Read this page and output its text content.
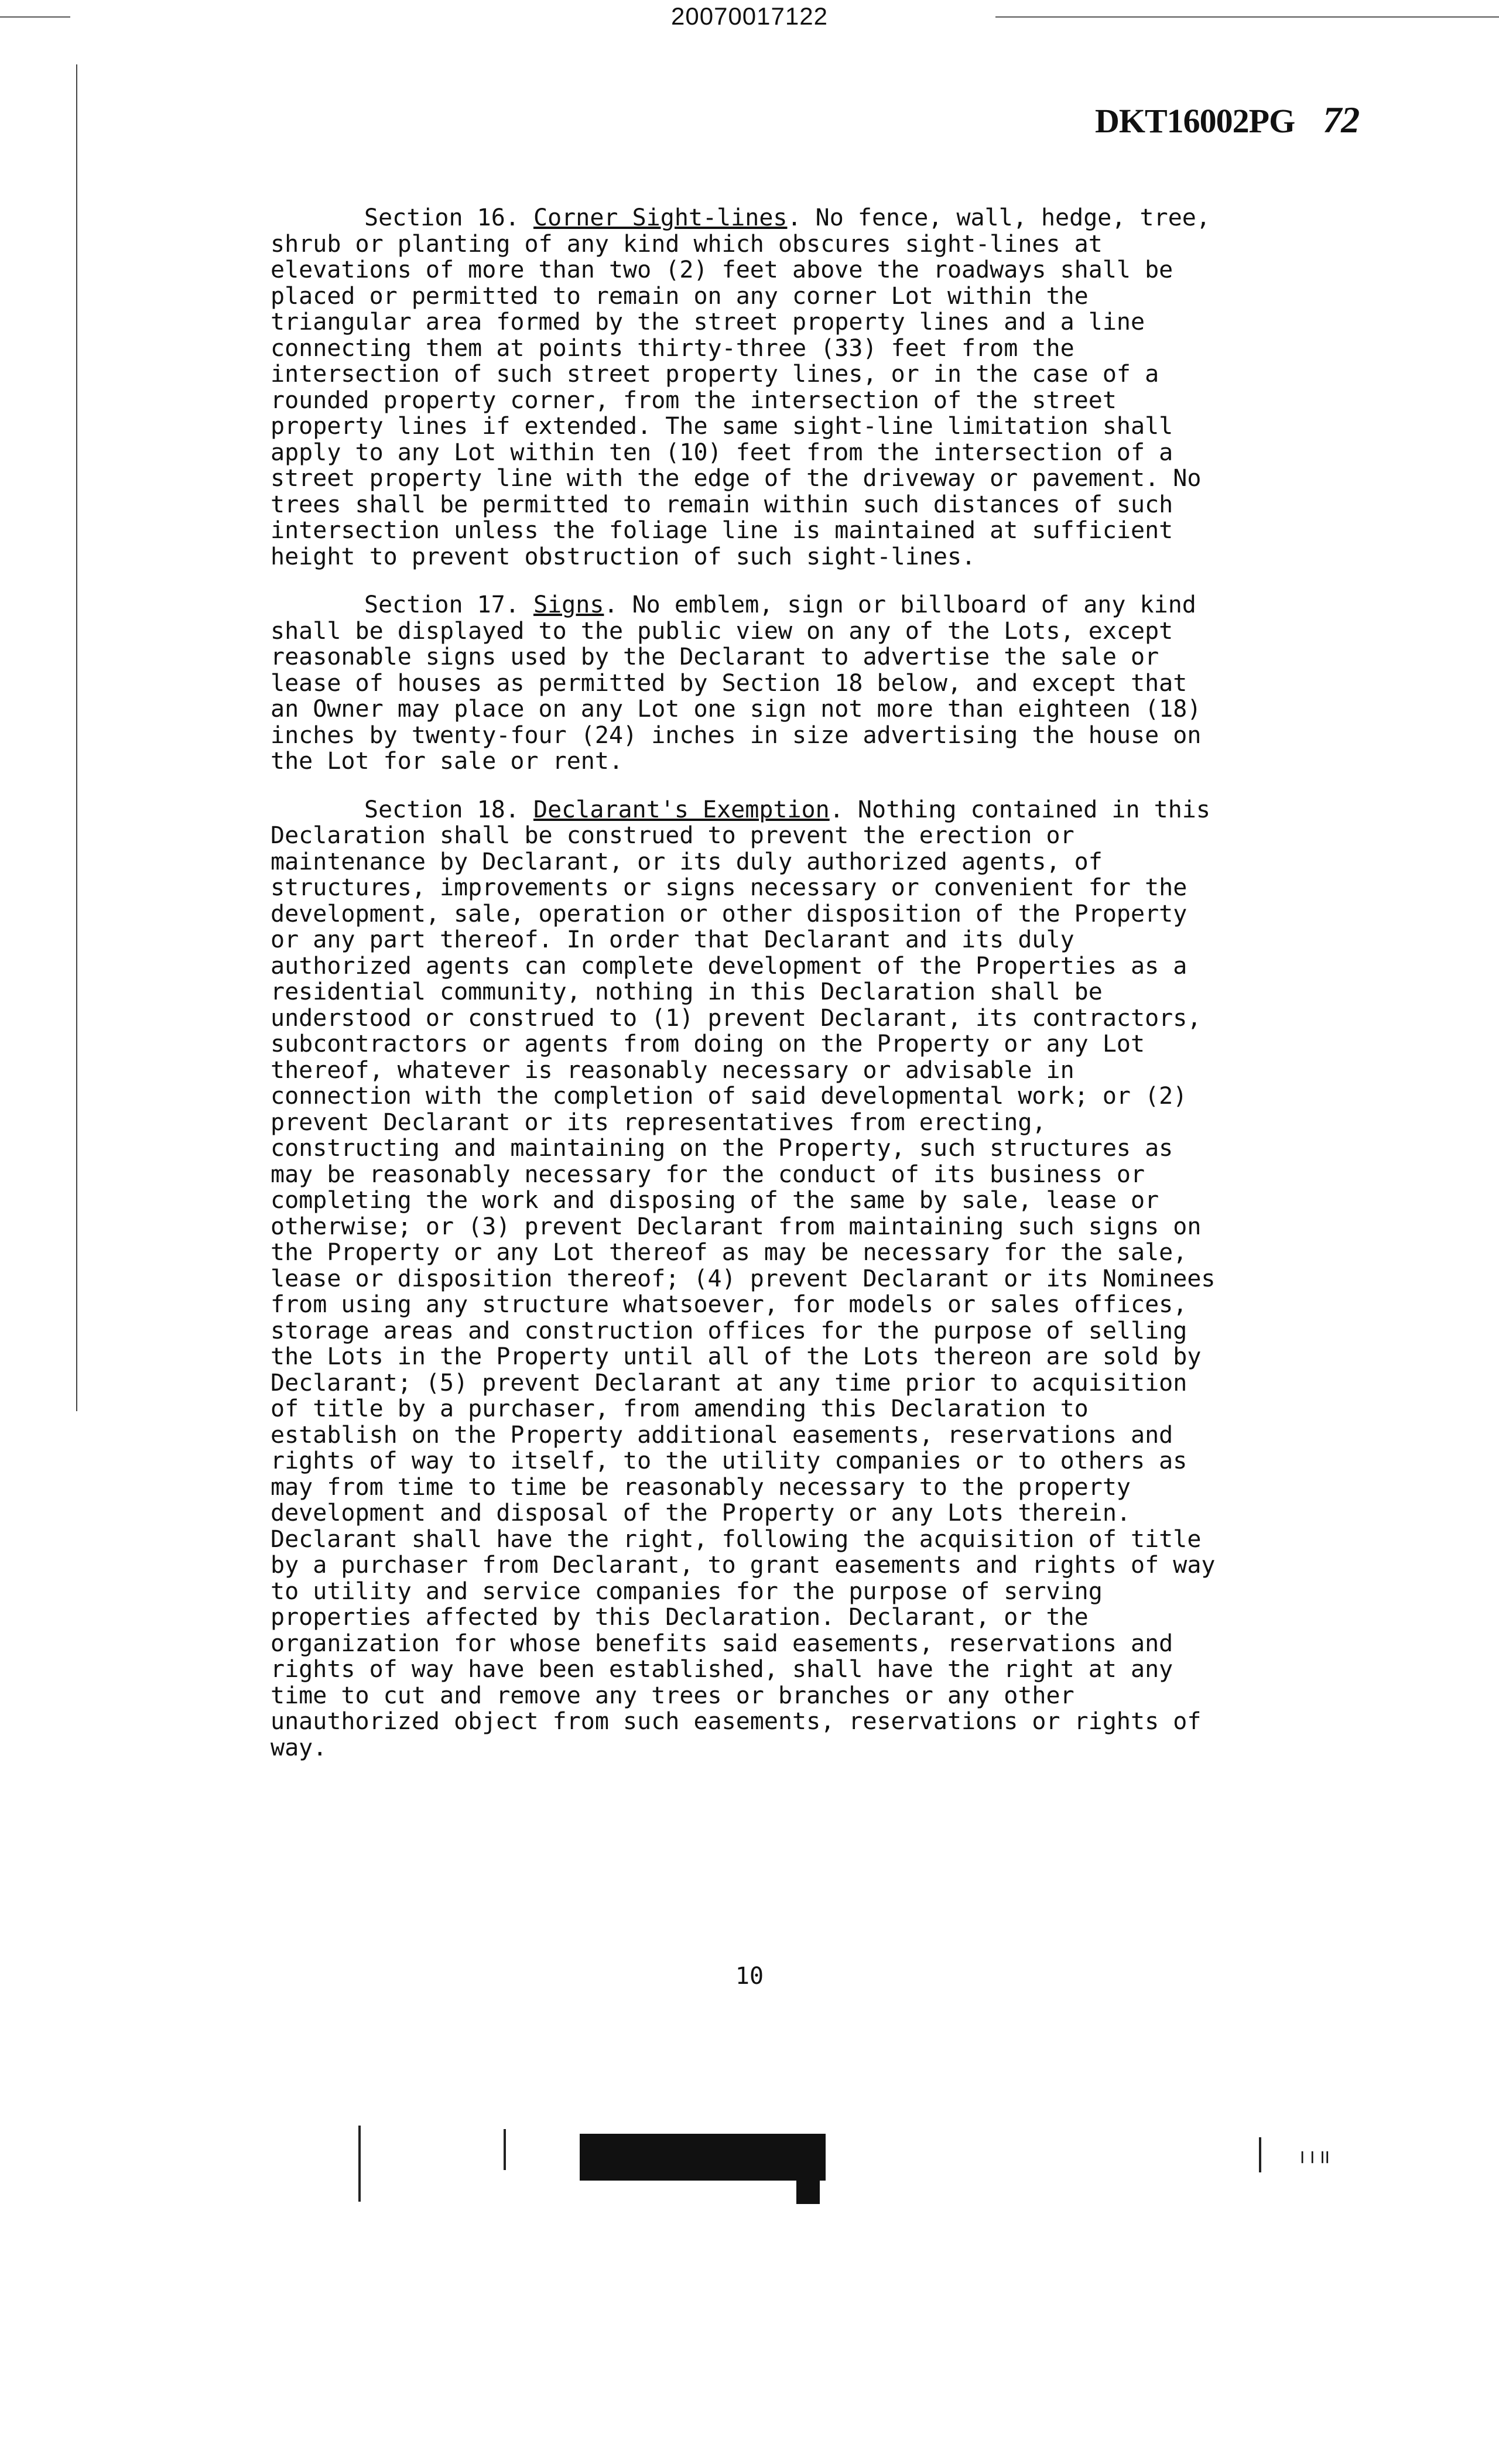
20070017122
DKT16002PG 72

Section 16. Corner Sight-lines. No fence, wall, hedge, tree, shrub or planting of any kind which obscures sight-lines at elevations of more than two (2) feet above the roadways shall be placed or permitted to remain on any corner Lot within the triangular area formed by the street property lines and a line connecting them at points thirty-three (33) feet from the intersection of such street property lines, or in the case of a rounded property corner, from the intersection of the street property lines if extended. The same sight-line limitation shall apply to any Lot within ten (10) feet from the intersection of a street property line with the edge of the driveway or pavement. No trees shall be permitted to remain within such distances of such intersection unless the foliage line is maintained at sufficient height to prevent obstruction of such sight-lines.

Section 17. Signs. No emblem, sign or billboard of any kind shall be displayed to the public view on any of the Lots, except reasonable signs used by the Declarant to advertise the sale or lease of houses as permitted by Section 18 below, and except that an Owner may place on any Lot one sign not more than eighteen (18) inches by twenty-four (24) inches in size advertising the house on the Lot for sale or rent.

Section 18. Declarant's Exemption. Nothing contained in this Declaration shall be construed to prevent the erection or maintenance by Declarant, or its duly authorized agents, of structures, improvements or signs necessary or convenient for the development, sale, operation or other disposition of the Property or any part thereof. In order that Declarant and its duly authorized agents can complete development of the Properties as a residential community, nothing in this Declaration shall be understood or construed to (1) prevent Declarant, its contractors, subcontractors or agents from doing on the Property or any Lot thereof, whatever is reasonably necessary or advisable in connection with the completion of said developmental work; or (2) prevent Declarant or its representatives from erecting, constructing and maintaining on the Property, such structures as may be reasonably necessary for the conduct of its business or completing the work and disposing of the same by sale, lease or otherwise; or (3) prevent Declarant from maintaining such signs on the Property or any Lot thereof as may be necessary for the sale, lease or disposition thereof; (4) prevent Declarant or its Nominees from using any structure whatsoever, for models or sales offices, storage areas and construction offices for the purpose of selling the Lots in the Property until all of the Lots thereon are sold by Declarant; (5) prevent Declarant at any time prior to acquisition of title by a purchaser, from amending this Declaration to establish on the Property additional easements, reservations and rights of way to itself, to the utility companies or to others as may from time to time be reasonably necessary to the property development and disposal of the Property or any Lots therein. Declarant shall have the right, following the acquisition of title by a purchaser from Declarant, to grant easements and rights of way to utility and service companies for the purpose of serving properties affected by this Declaration. Declarant, or the organization for whose benefits said easements, reservations and rights of way have been established, shall have the right at any time to cut and remove any trees or branches or any other unauthorized object from such easements, reservations or rights of way.

10
I I II
